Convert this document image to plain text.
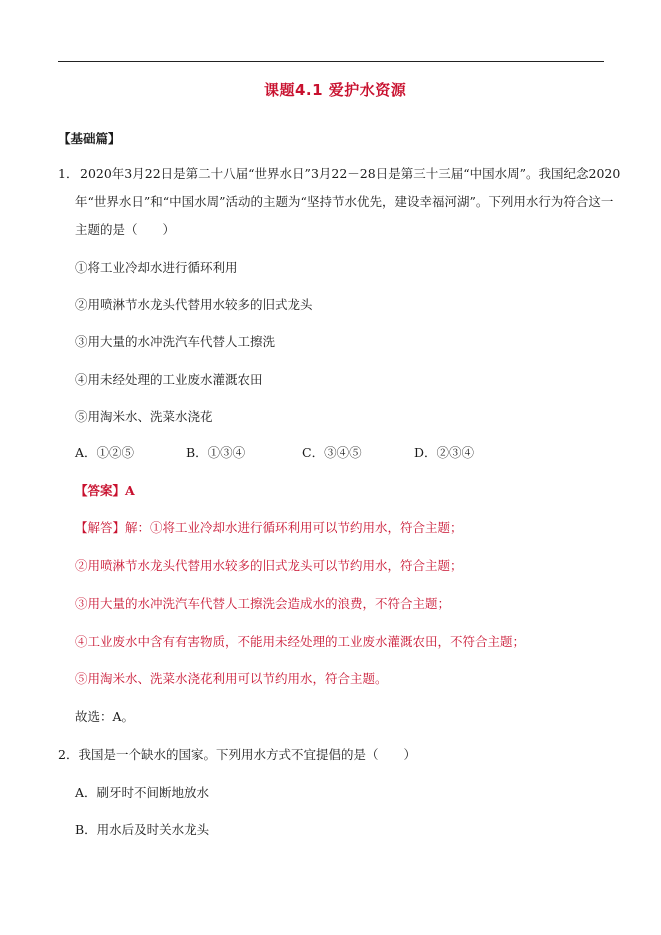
课题4.1 爱护水资源
【基础篇】
1． 2020年3月22日是第二十八届“世界水日”3月22－28日是第三十三届“中国水周”。我国纪念2020
年“世界水日”和“中国水周”活动的主题为“坚持节水优先，建设幸福河湖”。下列用水行为符合这一
主题的是（　　）
①将工业冷却水进行循环利用
②用喷淋节水龙头代替用水较多的旧式龙头
③用大量的水冲洗汽车代替人工擦洗
④用未经处理的工业废水灌溉农田
⑤用淘米水、洗菜水浇花
A．①②⑤	B．①③④	C．③④⑤	D．②③④
【答案】A
【解答】解：①将工业冷却水进行循环利用可以节约用水，符合主题；
②用喷淋节水龙头代替用水较多的旧式龙头可以节约用水，符合主题；
③用大量的水冲洗汽车代替人工擦洗会造成水的浪费，不符合主题；
④工业废水中含有有害物质，不能用未经处理的工业废水灌溉农田，不符合主题；
⑤用淘米水、洗菜水浇花利用可以节约用水，符合主题。
故选：A。
2．我国是一个缺水的国家。下列用水方式不宜提倡的是（　　）
A．刷牙时不间断地放水
B．用水后及时关水龙头
